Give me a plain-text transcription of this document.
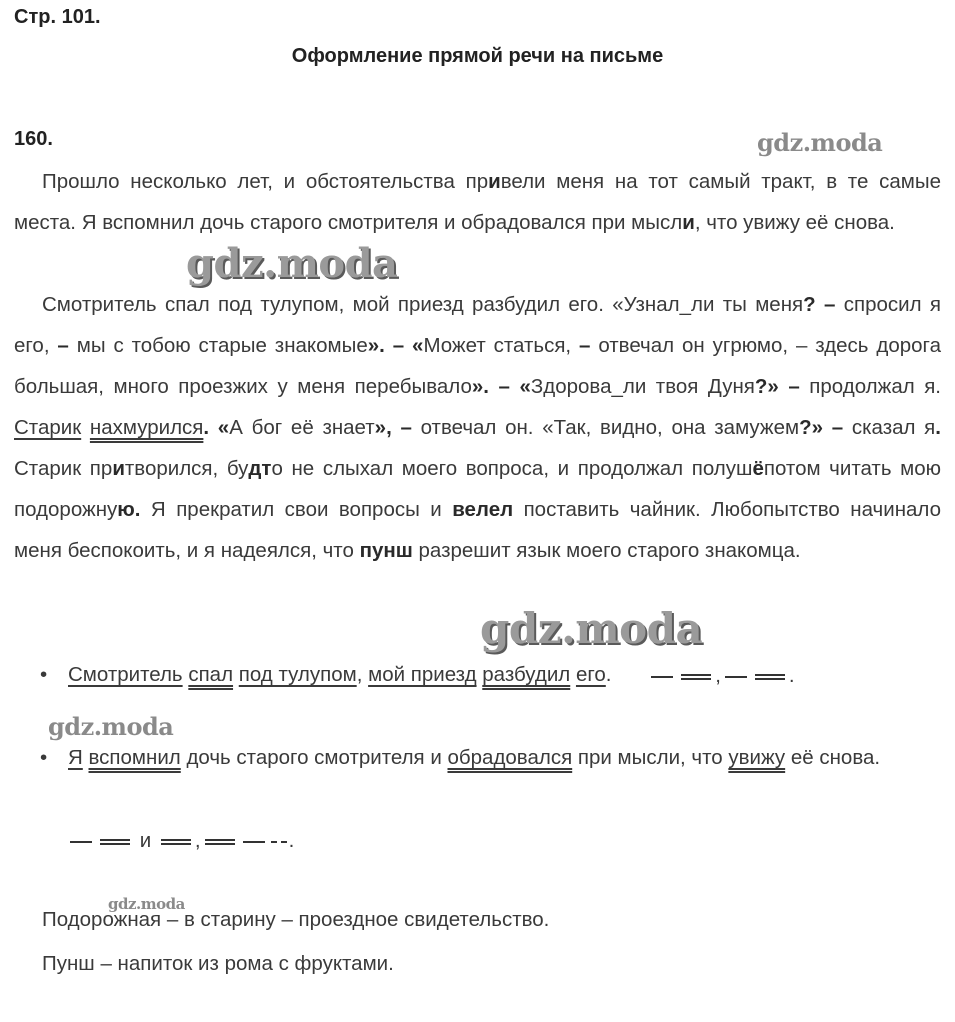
Стр. 101.
Оформление прямой речи на письме
160.	gdz.moda
Прошло несколько лет, и обстоятельства привели меня на тот самый тракт, в те самые места. Я вспомнил дочь старого смотрителя и обрадовался при мысли, что увижу её снова.
gdz.moda
Смотритель спал под тулупом, мой приезд разбудил его. «Узнал_ли ты меня? – спросил я его, – мы с тобою старые знакомые». – «Может статься, – отвечал он угрюмо, – здесь дорога большая, много проезжих у меня перебывало». – «Здорова_ли твоя Дуня?» – продолжал я. Старик нахмурился. «А бог её знает», – отвечал он. «Так, видно, она замужем?» – сказал я. Старик притворился, будто не слыхал моего вопроса, и продолжал полушёпотом читать мою подорожную. Я прекратил свои вопросы и велел поставить чайник. Любопытство начинало меня беспокоить, и я надеялся, что пунш разрешит язык моего старого знакомца.
gdz.moda
• Смотритель спал под тулупом, мой приезд разбудил его.	,	.
gdz.moda
• Я вспомнил дочь старого смотрителя и обрадовался при мысли, что увижу её снова.
и ,	.
gdz.moda
Подорожная – в старину – проездное свидетельство.
Пунш – напиток из рома с фруктами.
